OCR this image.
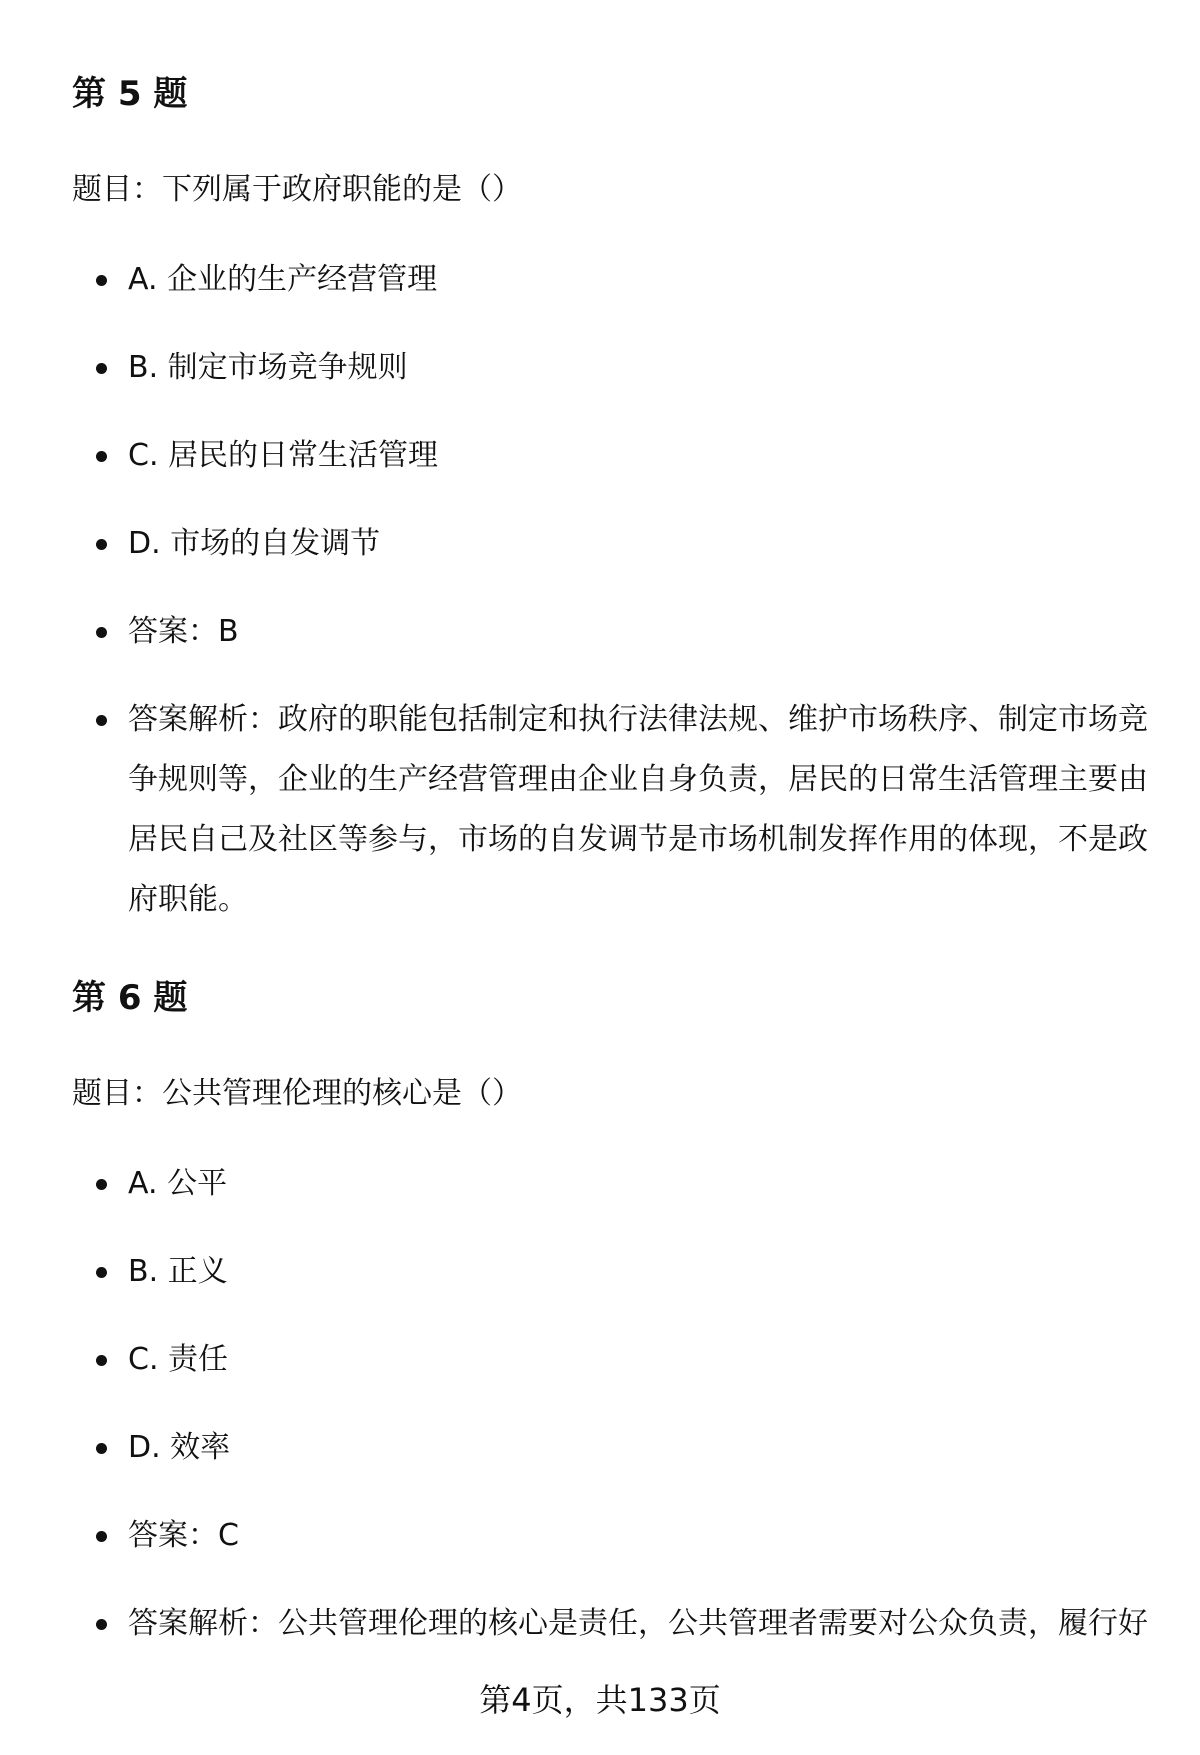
第 5 题

题目：下列属于政府职能的是（）

A. 企业的生产经营管理
B. 制定市场竞争规则
C. 居民的日常生活管理
D. 市场的自发调节
答案：B
答案解析：政府的职能包括制定和执行法律法规、维护市场秩序、制定市场竞争规则等，企业的生产经营管理由企业自身负责，居民的日常生活管理主要由居民自己及社区等参与，市场的自发调节是市场机制发挥作用的体现，不是政府职能。
第 6 题

题目：公共管理伦理的核心是（）

A. 公平
B. 正义
C. 责任
D. 效率
答案：C
答案解析：公共管理伦理的核心是责任，公共管理者需要对公众负责，履行好
第4页，共133页
